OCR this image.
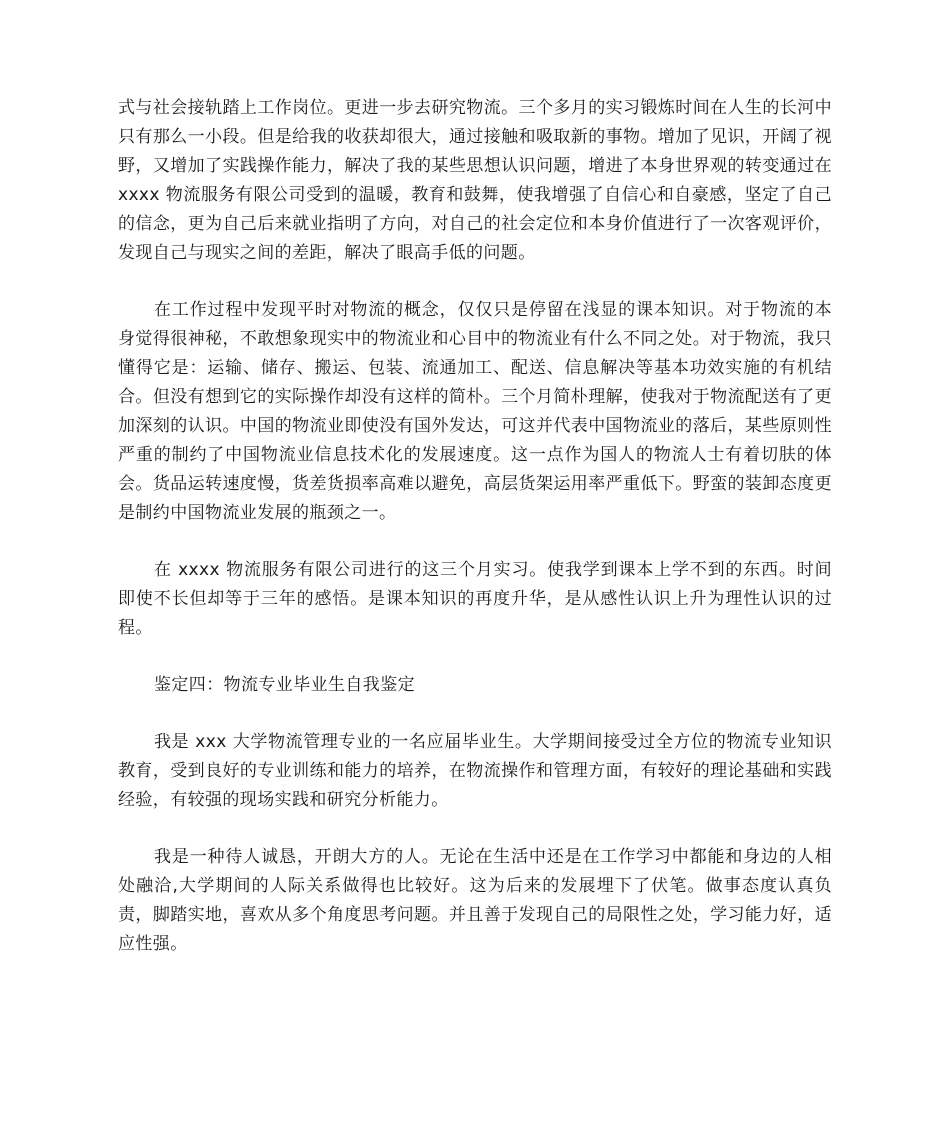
式与社会接轨踏上工作岗位。更进一步去研究物流。三个多月的实习锻炼时间在人生的长河中只有那么一小段。但是给我的收获却很大，通过接触和吸取新的事物。增加了见识，开阔了视野，又增加了实践操作能力，解决了我的某些思想认识问题，增进了本身世界观的转变通过在 xxxx 物流服务有限公司受到的温暖，教育和鼓舞，使我增强了自信心和自豪感，坚定了自己的信念，更为自己后来就业指明了方向，对自己的社会定位和本身价值进行了一次客观评价，发现自己与现实之间的差距，解决了眼高手低的问题。

在工作过程中发现平时对物流的概念，仅仅只是停留在浅显的课本知识。对于物流的本身觉得很神秘，不敢想象现实中的物流业和心目中的物流业有什么不同之处。对于物流，我只懂得它是：运输、储存、搬运、包装、流通加工、配送、信息解决等基本功效实施的有机结合。但没有想到它的实际操作却没有这样的简朴。三个月简朴理解，使我对于物流配送有了更加深刻的认识。中国的物流业即使没有国外发达，可这并代表中国物流业的落后，某些原则性严重的制约了中国物流业信息技术化的发展速度。这一点作为国人的物流人士有着切肤的体会。货品运转速度慢，货差货损率高难以避免，高层货架运用率严重低下。野蛮的装卸态度更是制约中国物流业发展的瓶颈之一。

在 xxxx 物流服务有限公司进行的这三个月实习。使我学到课本上学不到的东西。时间即使不长但却等于三年的感悟。是课本知识的再度升华，是从感性认识上升为理性认识的过程。

鉴定四：物流专业毕业生自我鉴定

我是 xxx 大学物流管理专业的一名应届毕业生。大学期间接受过全方位的物流专业知识教育，受到良好的专业训练和能力的培养，在物流操作和管理方面，有较好的理论基础和实践经验，有较强的现场实践和研究分析能力。

我是一种待人诚恳，开朗大方的人。无论在生活中还是在工作学习中都能和身边的人相处融洽,大学期间的人际关系做得也比较好。这为后来的发展埋下了伏笔。做事态度认真负责，脚踏实地，喜欢从多个角度思考问题。并且善于发现自己的局限性之处，学习能力好，适应性强。
